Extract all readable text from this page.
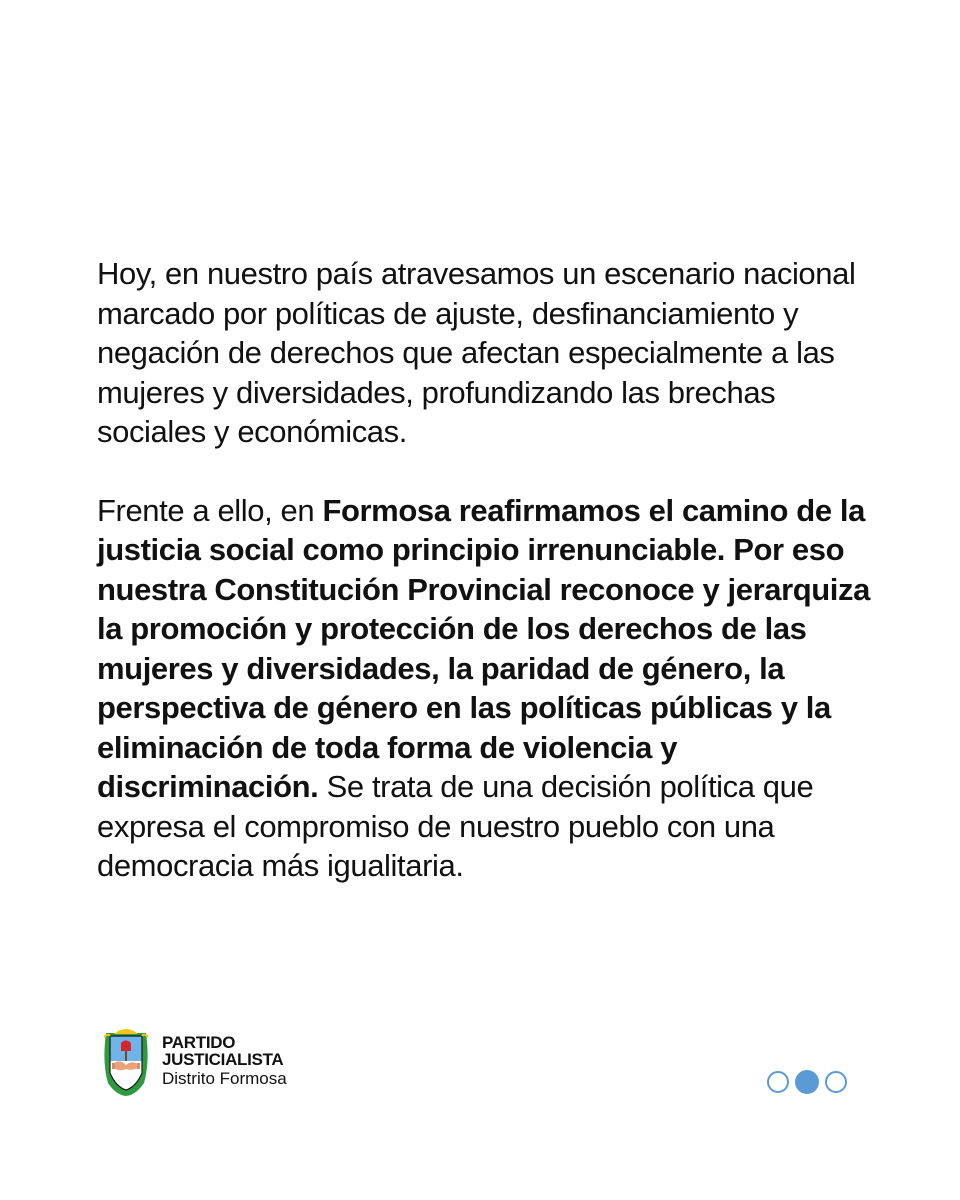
Hoy, en nuestro país atravesamos un escenario nacional marcado por políticas de ajuste, desfinanciamiento y negación de derechos que afectan especialmente a las mujeres y diversidades, profundizando las brechas sociales y económicas.

Frente a ello, en Formosa reafirmamos el camino de la justicia social como principio irrenunciable. Por eso nuestra Constitución Provincial reconoce y jerarquiza la promoción y protección de los derechos de las mujeres y diversidades, la paridad de género, la perspectiva de género en las políticas públicas y la eliminación de toda forma de violencia y discriminación. Se trata de una decisión política que expresa el compromiso de nuestro pueblo con una democracia más igualitaria.

PARTIDO
JUSTICIALISTA
Distrito Formosa
